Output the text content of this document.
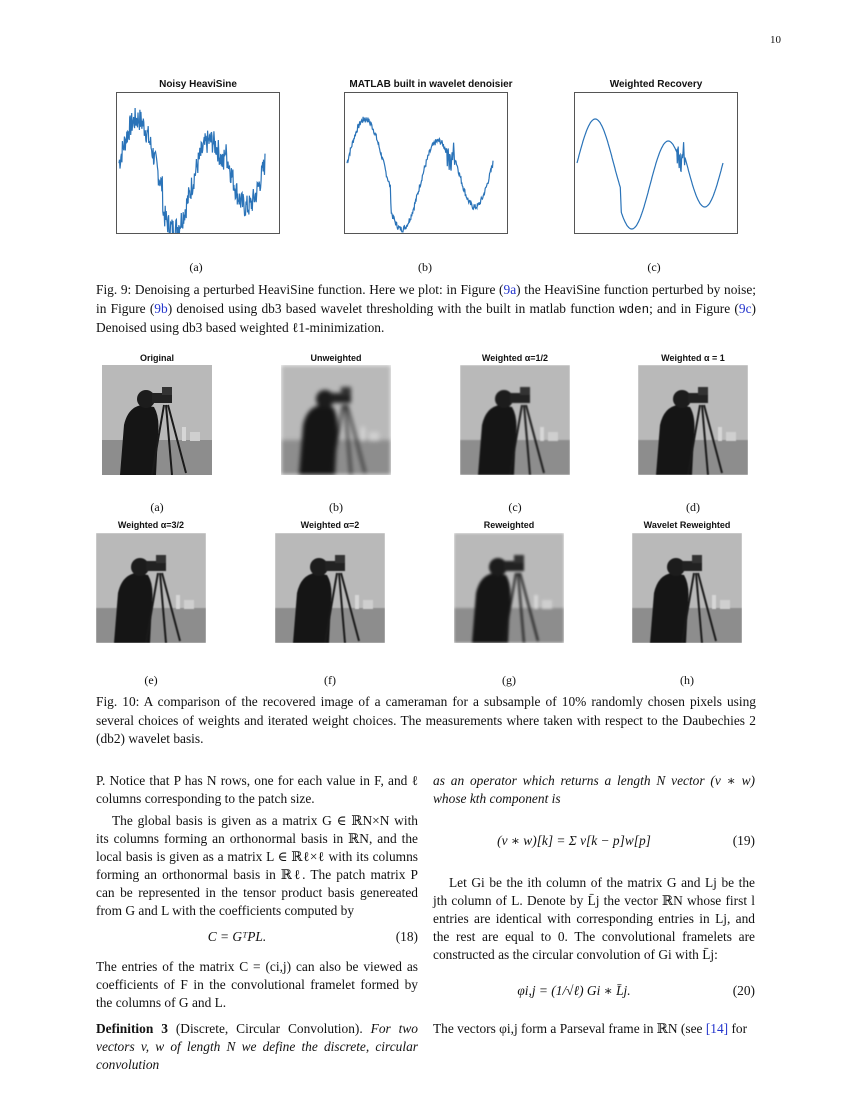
10
Noisy HeaviSine
(a)
MATLAB built in wavelet denoisier
(b)
Weighted Recovery
(c)
Fig. 9: Denoising a perturbed HeaviSine function. Here we plot: in Figure (9a) the HeaviSine function perturbed by noise; in Figure (9b) denoised using db3 based wavelet thresholding with the built in matlab function wden; and in Figure (9c) Denoised using db3 based weighted ℓ1-minimization.
Original
(a)
Unweighted
(b)
Weighted α=1/2
(c)
Weighted α = 1
(d)
Weighted α=3/2
(e)
Weighted α=2
(f)
Reweighted
(g)
Wavelet Reweighted
(h)
Fig. 10: A comparison of the recovered image of a cameraman for a subsample of 10% randomly chosen pixels using several choices of weights and iterated weight choices. The measurements where taken with respect to the Daubechies 2 (db2) wavelet basis.

P. Notice that P has N rows, one for each value in F, and ℓ columns corresponding to the patch size.

The global basis is given as a matrix G ∈ ℝN×N with its columns forming an orthonormal basis in ℝN, and the local basis is given as a matrix L ∈ ℝℓ×ℓ with its columns forming an orthonormal basis in ℝℓ. The patch matrix P can be represented in the tensor product basis genereated from G and L with the coefficients computed by

C = GᵀPL.	(18)

The entries of the matrix C = (ci,j) can also be viewed as coefficients of F in the convolutional framelet formed by the columns of G and L.

Definition 3 (Discrete, Circular Convolution). For two vectors v, w of length N we define the discrete, circular convolution

as an operator which returns a length N vector (v ∗ w) whose kth component is

(v ∗ w)[k] = Σ v[k − p]w[p]	(19)

Let Gi be the ith column of the matrix G and Lj be the jth column of L. Denote by L̄j the vector ℝN whose first l entries are identical with corresponding entries in Lj, and the rest are equal to 0. The convolutional framelets are constructed as the circular convolution of Gi with L̄j:

φi,j = (1/√ℓ) Gi ∗ L̄j.	(20)

The vectors φi,j form a Parseval frame in ℝN (see [14] for
